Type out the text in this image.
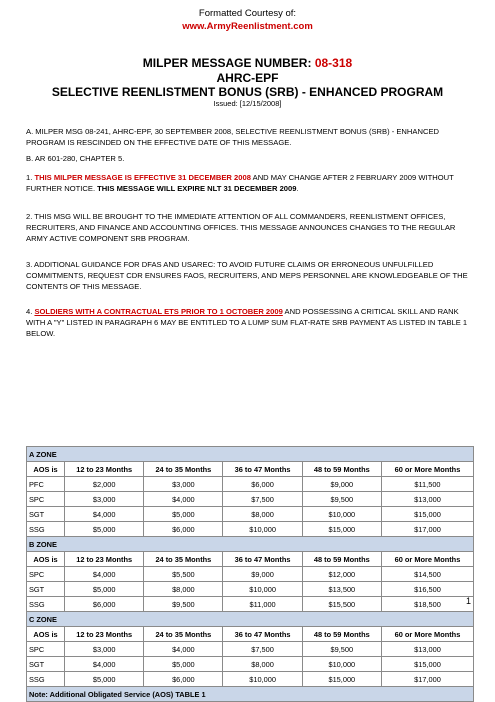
Formatted Courtesy of:
www.ArmyReenlistment.com
MILPER MESSAGE NUMBER: 08-318
AHRC-EPF
SELECTIVE REENLISTMENT BONUS (SRB) - ENHANCED PROGRAM
Issued: [12/15/2008]
A. MILPER MSG 08-241, AHRC-EPF, 30 SEPTEMBER 2008, SELECTIVE REENLISTMENT BONUS (SRB) - ENHANCED PROGRAM IS RESCINDED ON THE EFFECTIVE DATE OF THIS MESSAGE.
B. AR 601-280, CHAPTER 5.
1. THIS MILPER MESSAGE IS EFFECTIVE 31 DECEMBER 2008 AND MAY CHANGE AFTER 2 FEBRUARY 2009 WITHOUT FURTHER NOTICE. THIS MESSAGE WILL EXPIRE NLT 31 DECEMBER 2009.
2. THIS MSG WILL BE BROUGHT TO THE IMMEDIATE ATTENTION OF ALL COMMANDERS, REENLISTMENT OFFICES, RECRUITERS, AND FINANCE AND ACCOUNTING OFFICES. THIS MESSAGE ANNOUNCES CHANGES TO THE REGULAR ARMY ACTIVE COMPONENT SRB PROGRAM.
3. ADDITIONAL GUIDANCE FOR DFAS AND USAREC: TO AVOID FUTURE CLAIMS OR ERRONEOUS UNFULFILLED COMMITMENTS, REQUEST CDR ENSURES FAOS, RECRUITERS, AND MEPS PERSONNEL ARE KNOWLEDGEABLE OF THE CONTENTS OF THIS MESSAGE.
4. SOLDIERS WITH A CONTRACTUAL ETS PRIOR TO 1 OCTOBER 2009 AND POSSESSING A CRITICAL SKILL AND RANK WITH A "Y" LISTED IN PARAGRAPH 6 MAY BE ENTITLED TO A LUMP SUM FLAT-RATE SRB PAYMENT AS LISTED IN TABLE 1 BELOW.
A ZONE					
AOS is	12 to 23 Months	24 to 35 Months	36 to 47 Months	48 to 59 Months	60 or More Months
PFC	$2,000	$3,000	$6,000	$9,000	$11,500
SPC	$3,000	$4,000	$7,500	$9,500	$13,000
SGT	$4,000	$5,000	$8,000	$10,000	$15,000
SSG	$5,000	$6,000	$10,000	$15,000	$17,000
B ZONE					
AOS is	12 to 23 Months	24 to 35 Months	36 to 47 Months	48 to 59 Months	60 or More Months
SPC	$4,000	$5,500	$9,000	$12,000	$14,500
SGT	$5,000	$8,000	$10,000	$13,500	$16,500
SSG	$6,000	$9,500	$11,000	$15,500	$18,500
C ZONE					
AOS is	12 to 23 Months	24 to 35 Months	36 to 47 Months	48 to 59 Months	60 or More Months
SPC	$3,000	$4,000	$7,500	$9,500	$13,000
SGT	$4,000	$5,000	$8,000	$10,000	$15,000
SSG	$5,000	$6,000	$10,000	$15,000	$17,000
Note: Additional Obligated Service (AOS) TABLE 1					
1
